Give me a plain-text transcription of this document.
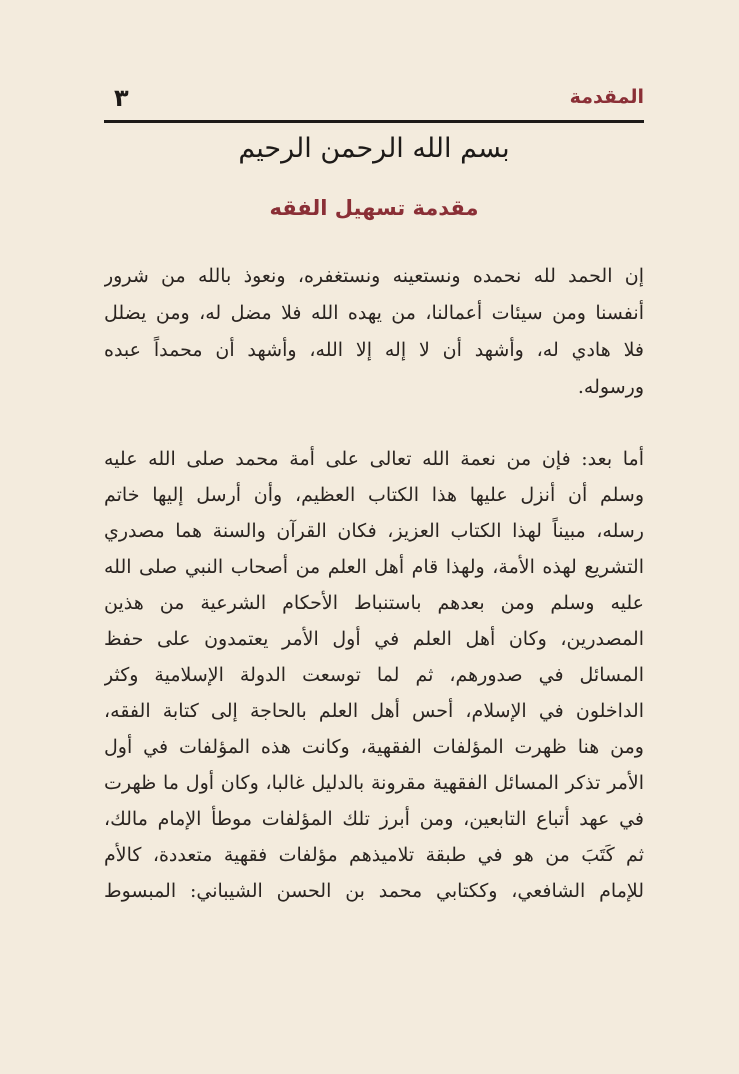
المقدمة
٣
بسم الله الرحمن الرحيم
مقدمة تسهيل الفقه
إن الحمد لله نحمده ونستعينه ونستغفره، ونعوذ بالله من شرور
أنفسنا ومن سيئات أعمالنا، من يهده الله فلا مضل له، ومن يضلل
فلا هادي له، وأشهد أن لا إله إلا الله، وأشهد أن محمداً عبده
ورسوله.
أما بعد: فإن من نعمة الله تعالى على أمة محمد صلى الله عليه
وسلم أن أنزل عليها هذا الكتاب العظيم، وأن أرسل إليها خاتم
رسله، مبيناً لهذا الكتاب العزيز، فكان القرآن والسنة هما مصدري
التشريع لهذه الأمة، ولهذا قام أهل العلم من أصحاب النبي صلى الله
عليه وسلم ومن بعدهم باستنباط الأحكام الشرعية من هذين
المصدرين، وكان أهل العلم في أول الأمر يعتمدون على حفظ
المسائل في صدورهم، ثم لما توسعت الدولة الإسلامية وكثر
الداخلون في الإسلام، أحس أهل العلم بالحاجة إلى كتابة الفقه،
ومن هنا ظهرت المؤلفات الفقهية، وكانت هذه المؤلفات في أول
الأمر تذكر المسائل الفقهية مقرونة بالدليل غالبا، وكان أول ما ظهرت
في عهد أتباع التابعين، ومن أبرز تلك المؤلفات موطأ الإمام مالك،
ثم كَتَبَ من هو في طبقة تلاميذهم مؤلفات فقهية متعددة، كالأم
للإمام الشافعي، وككتابي محمد بن الحسن الشيباني: المبسوط
